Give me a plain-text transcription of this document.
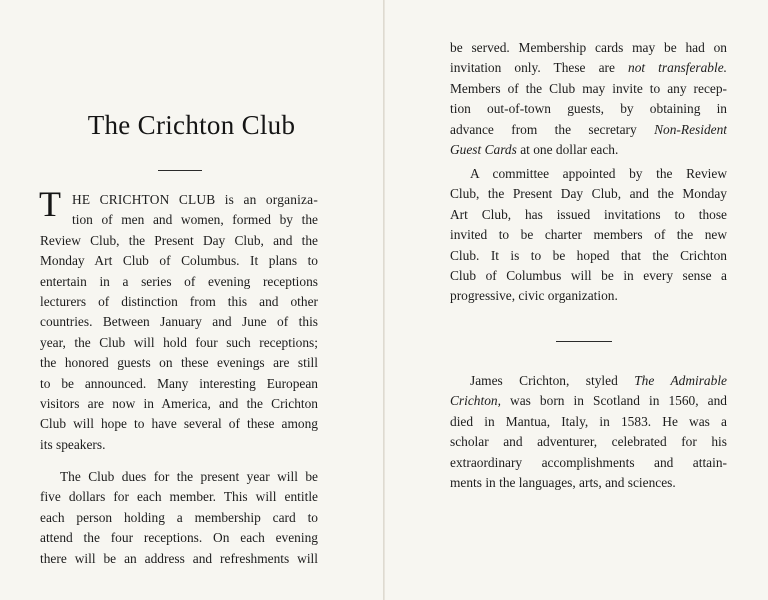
The Crichton Club
T HE CRICHTON CLUB is an organiza-
tion of men and women, formed by the
Review Club, the Present Day Club, and the
Monday Art Club of Columbus. It plans to
entertain in a series of evening receptions
lecturers of distinction from this and other
countries. Between January and June of this
year, the Club will hold four such receptions;
the honored guests on these evenings are still
to be announced. Many interesting European
visitors are now in America, and the Crichton
Club will hope to have several of these among
its speakers.
The Club dues for the present year will be
five dollars for each member. This will entitle
each person holding a membership card to
attend the four receptions. On each evening
there will be an address and refreshments will
be served. Membership cards may be had on
invitation only. These are not transferable.
Members of the Club may invite to any recep-
tion out-of-town guests, by obtaining in
advance from the secretary Non-Resident
Guest Cards at one dollar each.
A committee appointed by the Review
Club, the Present Day Club, and the Monday
Art Club, has issued invitations to those
invited to be charter members of the new
Club. It is to be hoped that the Crichton
Club of Columbus will be in every sense a
progressive, civic organization.
James Crichton, styled The Admirable
Crichton, was born in Scotland in 1560, and
died in Mantua, Italy, in 1583. He was a
scholar and adventurer, celebrated for his
extraordinary accomplishments and attain-
ments in the languages, arts, and sciences.
